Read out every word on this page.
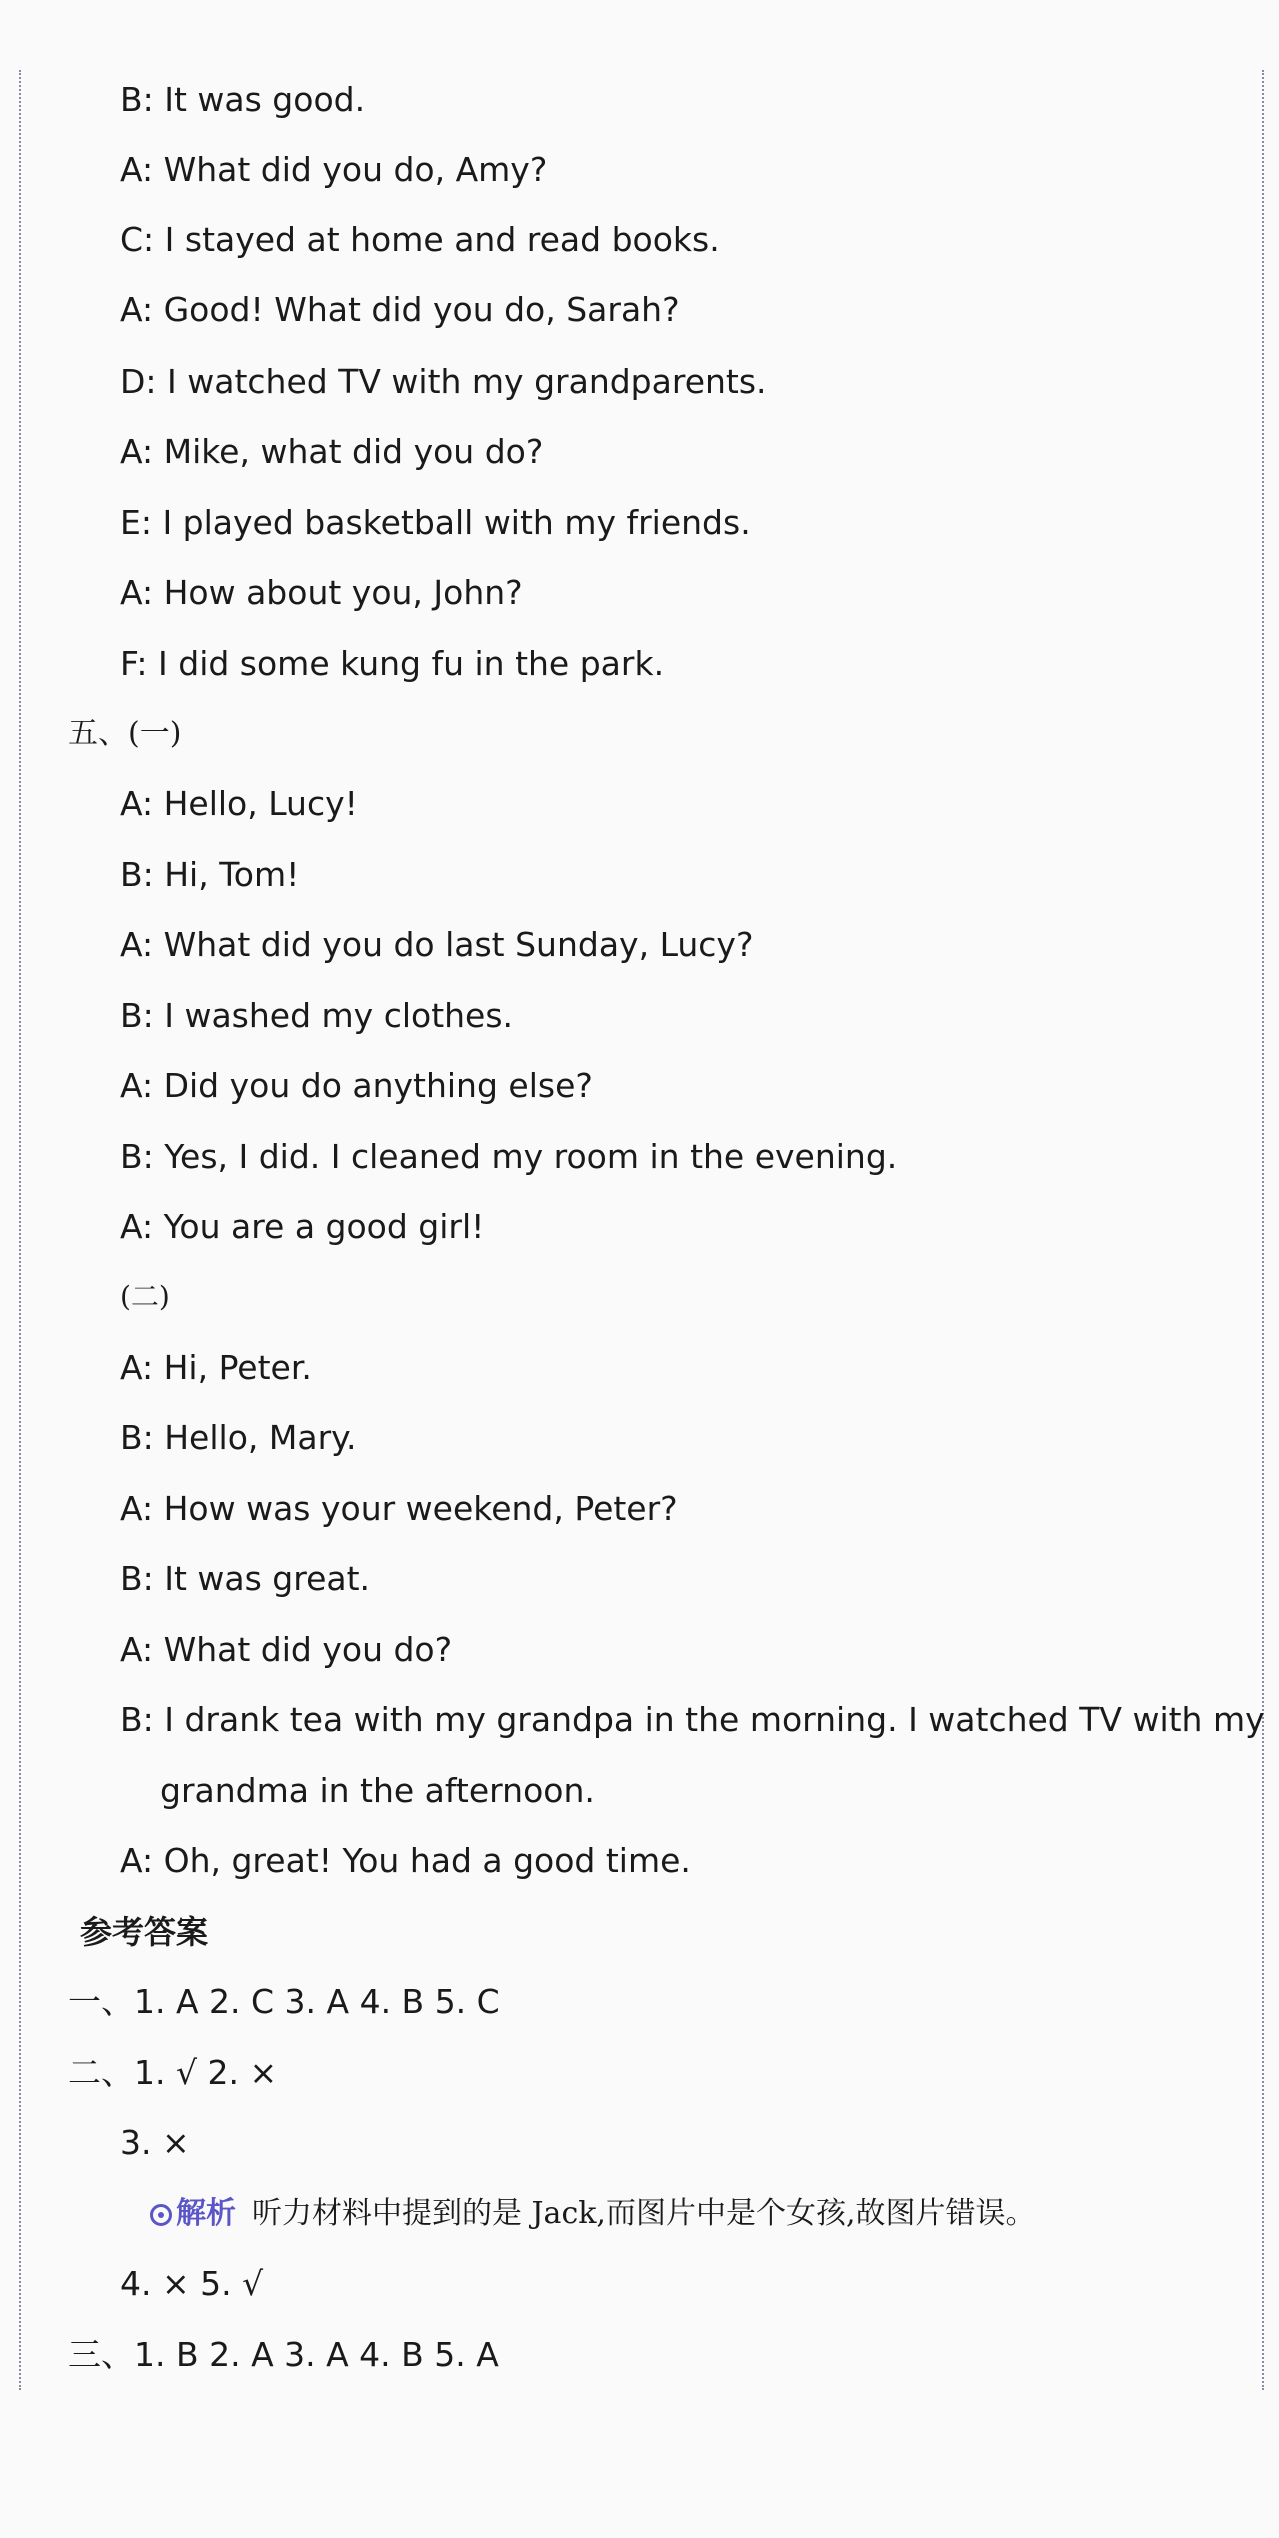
B: It was good.
A: What did you do, Amy?
C: I stayed at home and read books.
A: Good! What did you do, Sarah?
D: I watched TV with my grandparents.
A: Mike, what did you do?
E: I played basketball with my friends.
A: How about you, John?
F: I did some kung fu in the park.
五、(一)
A: Hello, Lucy!
B: Hi, Tom!
A: What did you do last Sunday, Lucy?
B: I washed my clothes.
A: Did you do anything else?
B: Yes, I did. I cleaned my room in the evening.
A: You are a good girl!
(二)
A: Hi, Peter.
B: Hello, Mary.
A: How was your weekend, Peter?
B: It was great.
A: What did you do?
B: I drank tea with my grandpa in the morning. I watched TV with my
grandma in the afternoon.
A: Oh, great! You had a good time.
参考答案
一、1. A 2. C 3. A 4. B 5. C
二、1. √ 2. ×
3. ×
解析 听力材料中提到的是 Jack,而图片中是个女孩,故图片错误。
4. × 5. √
三、1. B 2. A 3. A 4. B 5. A
